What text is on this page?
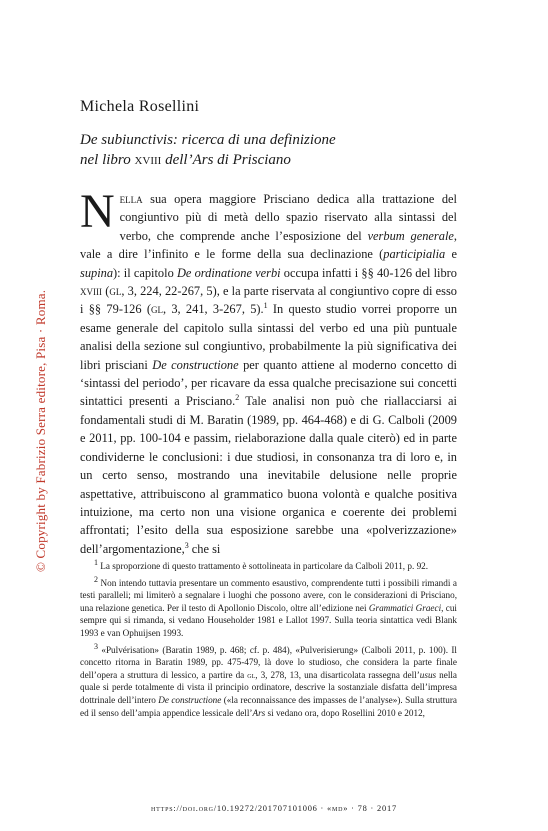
© Copyright by Fabrizio Serra editore, Pisa · Roma.
Michela Rosellini
De subiunctivis: ricerca di una definizione
nel libro xviii dell’Ars di Prisciano
Nella sua opera maggiore Prisciano dedica alla trattazione del congiuntivo più di metà dello spazio riservato alla sintassi del verbo, che comprende anche l’esposizione del verbum generale, vale a dire l’infinito e le forme della sua declinazione (participialia e supina): il capitolo De ordinatione verbi occupa infatti i §§ 40-126 del libro xviii (gl, 3, 224, 22-267, 5), e la parte riservata al congiuntivo copre di esso i §§ 79-126 (gl, 3, 241, 3-267, 5).$^1$ In questo studio vorrei proporre un esame generale del capitolo sulla sintassi del verbo ed una più puntuale analisi della sezione sul congiuntivo, probabilmente la più significativa dei libri prisciani De constructione per quanto attiene al moderno concetto di ‘sintassi del periodo’, per ricavare da essa qualche precisazione sui concetti sintattici presenti a Prisciano.$^2$ Tale analisi non può che riallacciarsi ai fondamentali studi di M. Baratin (1989, pp. 464-468) e di G. Calboli (2009 e 2011, pp. 100-104 e passim, rielaborazione dalla quale citerò) ed in parte condividerne le conclusioni: i due studiosi, in consonanza tra di loro e, in un certo senso, mostrando una inevitabile delusione nelle proprie aspettative, attribuiscono al grammatico buona volontà e qualche positiva intuizione, ma certo non una visione organica e coerente dei problemi affrontati; l’esito della sua esposizione sarebbe una «polverizzazione» dell’argomentazione,$^3$ che si

$^1$ La sproporzione di questo trattamento è sottolineata in particolare da Calboli 2011, p. 92.

$^2$ Non intendo tuttavia presentare un commento esaustivo, comprendente tutti i possibili rimandi a testi paralleli; mi limiterò a segnalare i luoghi che possono avere, con le considerazioni di Prisciano, una relazione genetica. Per il testo di Apollonio Discolo, oltre all’edizione nei Grammatici Graeci, cui sempre qui si rimanda, si vedano Householder 1981 e Lallot 1997. Sulla teoria sintattica vedi Blank 1993 e van Ophuijsen 1993.

$^3$ «Pulvérisation» (Baratin 1989, p. 468; cf. p. 484), «Pulverisierung» (Calboli 2011, p. 100). Il concetto ritorna in Baratin 1989, pp. 475-479, là dove lo studioso, che considera la parte finale dell’opera a struttura di lessico, a partire da gl, 3, 278, 13, una disarticolata rassegna dell’usus nella quale si perde totalmente di vista il principio ordinatore, descrive la sostanziale disfatta dell’impresa dottrinale dell’intero De constructione («la reconnaissance des impasses de l’analyse»). Sulla struttura ed il senso dell’ampia appendice lessicale dell’Ars si vedano ora, dopo Rosellini 2010 e 2012,

https://doi.org/10.19272/201707101006 · «md» · 78 · 2017
